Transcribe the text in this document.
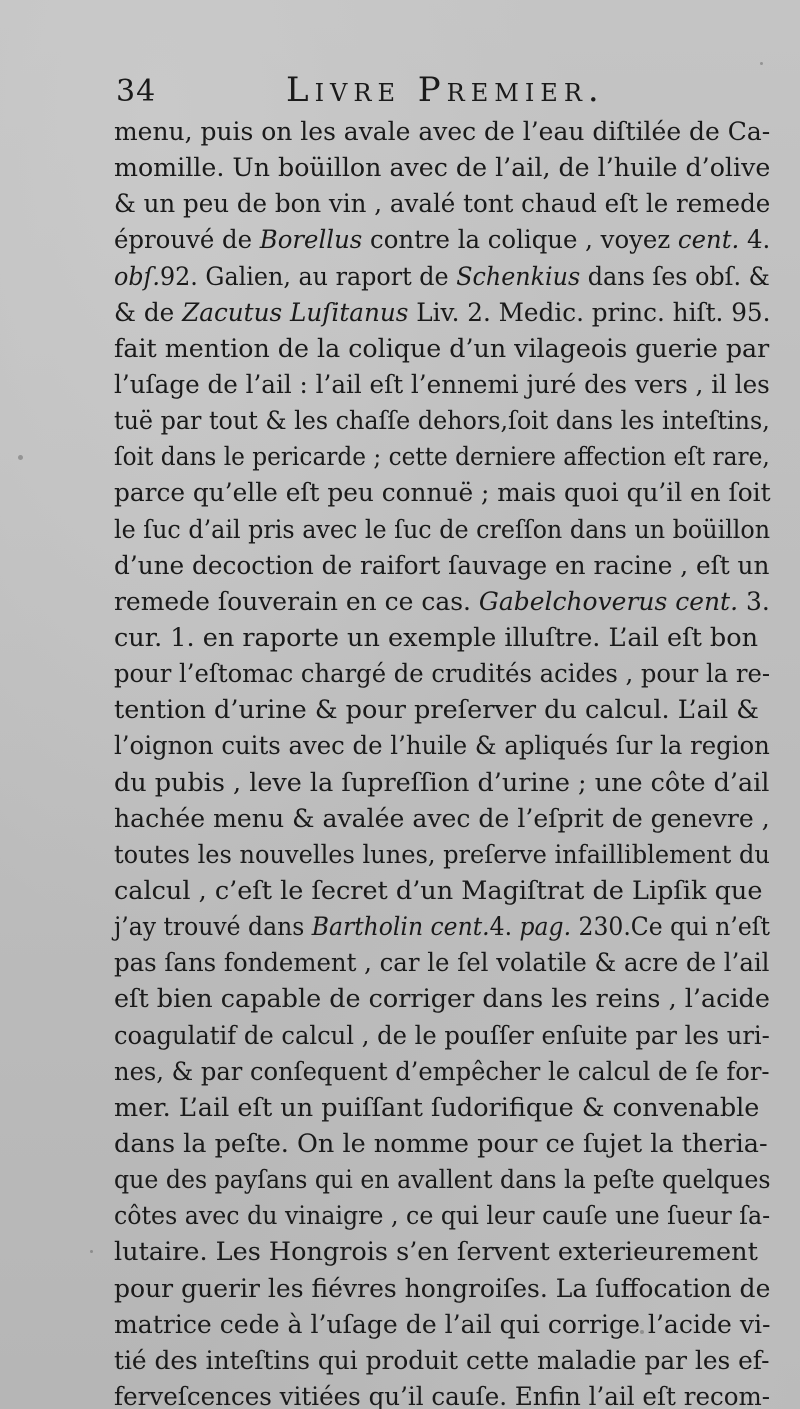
34	Livre Premier.
menu, puis on les avale avec de l’eau diſtilée de Ca-
momille. Un boüillon avec de l’ail, de l’huile d’olive
& un peu de bon vin , avalé tont chaud eſt le remede
éprouvé de Borellus contre la colique , voyez cent. 4.
obſ.92. Galien, au raport de Schenkius dans ſes obſ. &
& de Zacutus Luſitanus Liv. 2. Medic. princ. hiſt. 95.
fait mention de la colique d’un vilageois guerie par
l’uſage de l’ail : l’ail eſt l’ennemi juré des vers , il les
tuë par tout & les chaſſe dehors,ſoit dans les inteſtins,
ſoit dans le pericarde ; cette derniere affection eſt rare,
parce qu’elle eſt peu connuë ; mais quoi qu’il en ſoit
le ſuc d’ail pris avec le ſuc de creſſon dans un boüillon
d’une decoction de raifort ſauvage en racine , eſt un
remede ſouverain en ce cas. Gabelchoverus cent. 3.
cur. 1. en raporte un exemple illuſtre. L’ail eſt bon
pour l’eſtomac chargé de crudités acides , pour la re-
tention d’urine & pour preſerver du calcul. L’ail &
l’oignon cuits avec de l’huile & apliqués ſur la region
du pubis , leve la ſupreſſion d’urine ; une côte d’ail
hachée menu & avalée avec de l’eſprit de genevre ,
toutes les nouvelles lunes, preſerve infailliblement du
calcul , c’eſt le ſecret d’un Magiſtrat de Lipſik que
j’ay trouvé dans Bartholin cent.4. pag. 230.Ce qui n’eſt
pas ſans fondement , car le ſel volatile & acre de l’ail
eſt bien capable de corriger dans les reins , l’acide
coagulatif de calcul , de le pouſſer enſuite par les uri-
nes, & par conſequent d’empêcher le calcul de ſe for-
mer. L’ail eſt un puiſſant ſudorifique & convenable
dans la peſte. On le nomme pour ce ſujet la theria-
que des payſans qui en avallent dans la peſte quelques
côtes avec du vinaigre , ce qui leur cauſe une ſueur ſa-
lutaire. Les Hongrois s’en ſervent exterieurement
pour guerir les fiévres hongroiſes. La ſuffocation de
matrice cede à l’uſage de l’ail qui corrige l’acide vi-
tié des inteſtins qui produit cette maladie par les ef-
ferveſcences vitiées qu’il cauſe. Enfin l’ail eſt recom-
